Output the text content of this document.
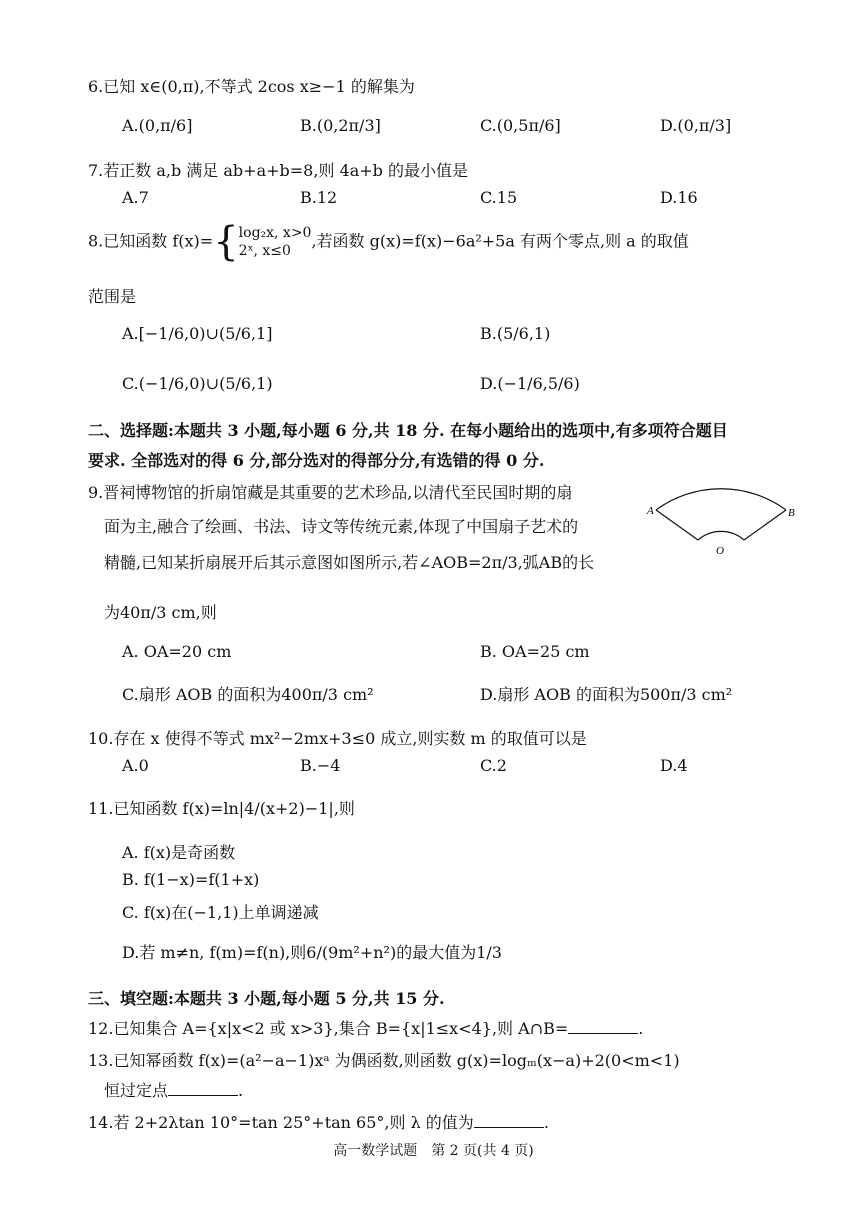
6.已知 x∈(0,π),不等式 2cos x≥−1 的解集为
A.(0,π/6]	B.(0,2π/3]	C.(0,5π/6]	D.(0,π/3]
7.若正数 a,b 满足 ab+a+b=8,则 4a+b 的最小值是
A.7	B.12	C.15	D.16
8.已知函数 f(x)={ log₂x, x>0
2ˣ, x≤0
,若函数 g(x)=f(x)−6a²+5a 有两个零点,则 a 的取值
范围是
A.[−1/6,0)∪(5/6,1]	B.(5/6,1)
C.(−1/6,0)∪(5/6,1)	D.(−1/6,5/6)
二、选择题:本题共 3 小题,每小题 6 分,共 18 分. 在每小题给出的选项中,有多项符合题目
要求. 全部选对的得 6 分,部分选对的得部分分,有选错的得 0 分.
9.晋祠博物馆的折扇馆藏是其重要的艺术珍品,以清代至民国时期的扇
面为主,融合了绘画、书法、诗文等传统元素,体现了中国扇子艺术的
精髓,已知某折扇展开后其示意图如图所示,若∠AOB=2π/3,弧AB的长
为40π/3 cm,则
A	B
O
A. OA=20 cm	B. OA=25 cm
C.扇形 AOB 的面积为400π/3 cm²	D.扇形 AOB 的面积为500π/3 cm²
10.存在 x 使得不等式 mx²−2mx+3≤0 成立,则实数 m 的取值可以是
A.0	B.−4	C.2	D.4
11.已知函数 f(x)=ln|4/(x+2)−1|,则
A. f(x)是奇函数
B. f(1−x)=f(1+x)
C. f(x)在(−1,1)上单调递减
D.若 m≠n, f(m)=f(n),则6/(9m²+n²)的最大值为1/3
三、填空题:本题共 3 小题,每小题 5 分,共 15 分.
12.已知集合 A={x|x<2 或 x>3},集合 B={x|1≤x<4},则 A∩B=	.
13.已知幂函数 f(x)=(a²−a−1)xᵃ 为偶函数,则函数 g(x)=logₘ(x−a)+2(0<m<1)
恒过定点	.
14.若 2+2λtan 10°=tan 25°+tan 65°,则 λ 的值为	.
高一数学试题　第 2 页(共 4 页)
